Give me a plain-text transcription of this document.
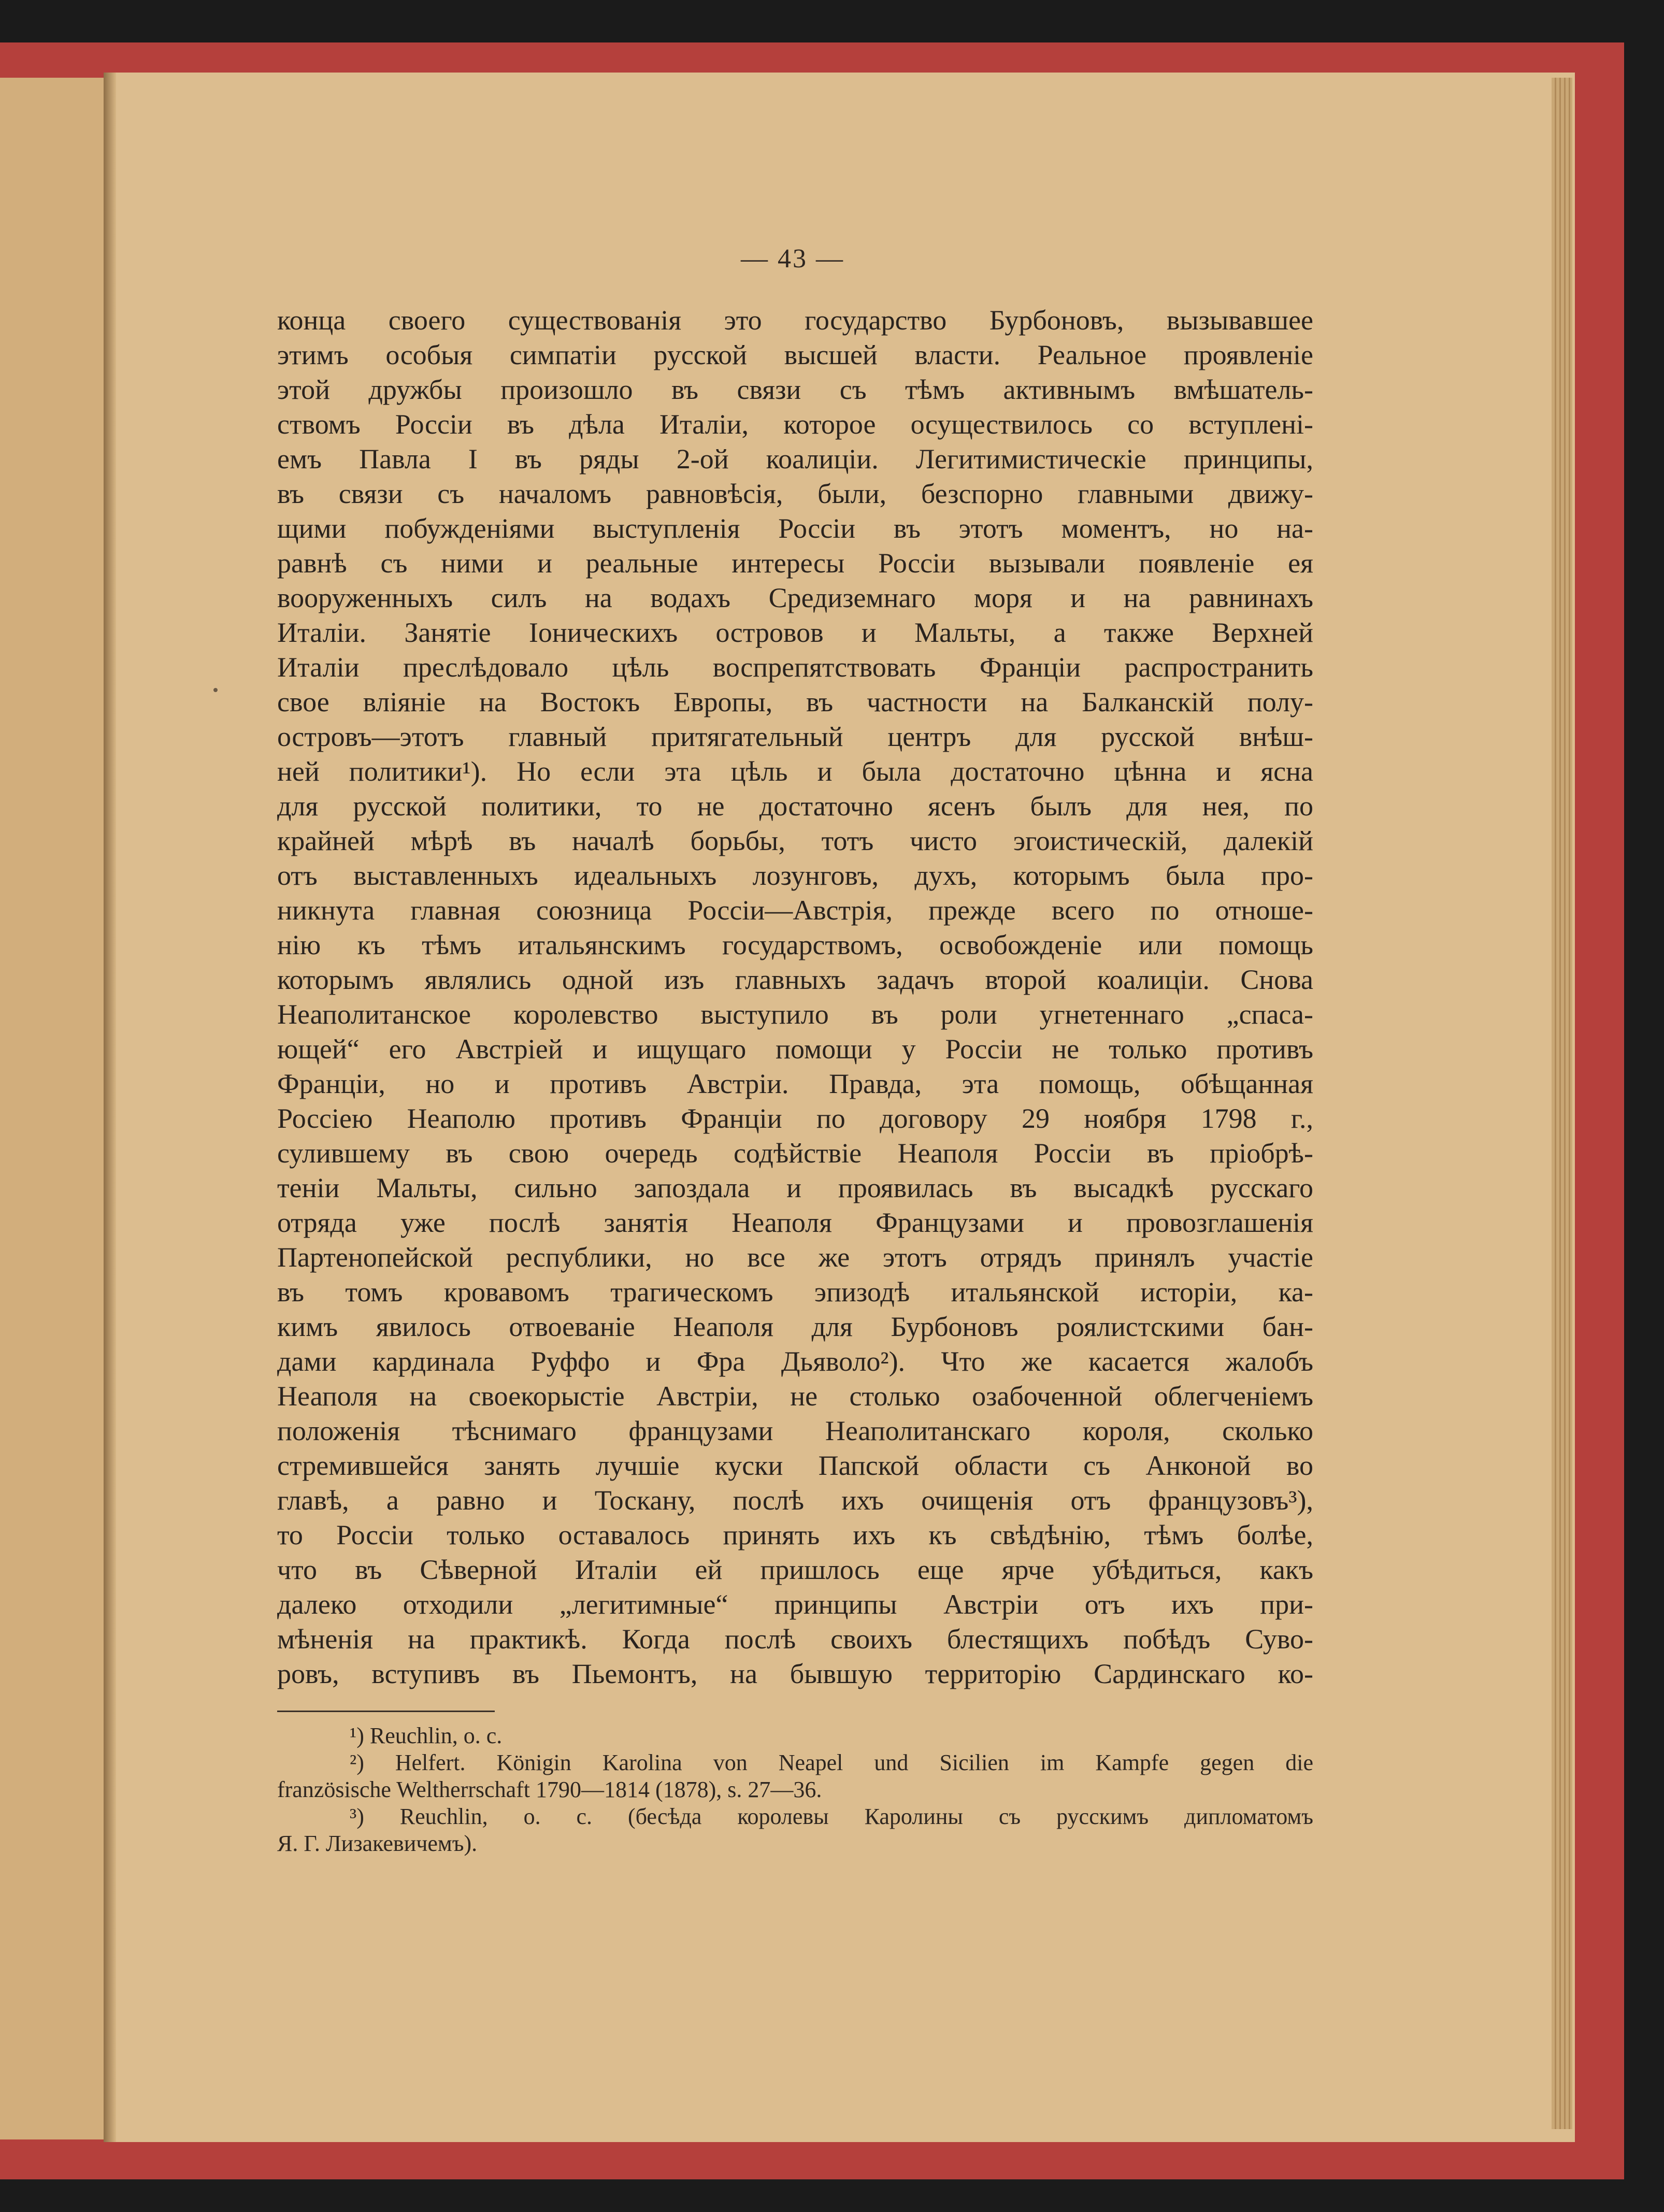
— 43 —
конца своего существованія это государство Бурбоновъ, вызывавшее
этимъ особыя симпатіи русской высшей власти. Реальное проявленіе
этой дружбы произошло въ связи съ тѣмъ активнымъ вмѣшатель-
ствомъ Россіи въ дѣла Италіи, которое осуществилось со вступлені-
емъ Павла I въ ряды 2-ой коалиціи. Легитимистическіе принципы,
въ связи съ началомъ равновѣсія, были, безспорно главными движу-
щими побужденіями выступленія Россіи въ этотъ моментъ, но на-
равнѣ съ ними и реальные интересы Россіи вызывали появленіе ея
вооруженныхъ силъ на водахъ Средиземнаго моря и на равнинахъ
Италіи. Занятіе Іоническихъ островов и Мальты, а также Верхней
Италіи преслѣдовало цѣль воспрепятствовать Франціи распространить
свое вліяніе на Востокъ Европы, въ частности на Балканскій полу-
островъ—этотъ главный притягательный центръ для русской внѣш-
ней политики¹). Но если эта цѣль и была достаточно цѣнна и ясна
для русской политики, то не достаточно ясенъ былъ для нея, по
крайней мѣрѣ въ началѣ борьбы, тотъ чисто эгоистическій, далекій
отъ выставленныхъ идеальныхъ лозунговъ, духъ, которымъ была про-
никнута главная союзница Россіи—Австрія, прежде всего по отноше-
нію къ тѣмъ итальянскимъ государствомъ, освобожденіе или помощь
которымъ являлись одной изъ главныхъ задачъ второй коалиціи. Снова
Неаполитанское королевство выступило въ роли угнетеннаго „спаса-
ющей“ его Австріей и ищущаго помощи у Россіи не только противъ
Франціи, но и противъ Австріи. Правда, эта помощь, обѣщанная
Россіею Неаполю противъ Франціи по договору 29 ноября 1798 г.,
сулившему въ свою очередь содѣйствіе Неаполя Россіи въ пріобрѣ-
теніи Мальты, сильно запоздала и проявилась въ высадкѣ русскаго
отряда уже послѣ занятія Неаполя Французами и провозглашенія
Партенопейской республики, но все же этотъ отрядъ принялъ участіе
въ томъ кровавомъ трагическомъ эпизодѣ итальянской исторіи, ка-
кимъ явилось отвоеваніе Неаполя для Бурбоновъ роялистскими бан-
дами кардинала Руффо и Фра Дьяволо²). Что же касается жалобъ
Неаполя на своекорыстіе Австріи, не столько озабоченной облегченіемъ
положенія тѣснимаго французами Неаполитанскаго короля, сколько
стремившейся занять лучшіе куски Папской области съ Анконой во
главѣ, а равно и Тоскану, послѣ ихъ очищенія отъ французовъ³),
то Россіи только оставалось принять ихъ къ свѣдѣнію, тѣмъ болѣе,
что въ Сѣверной Италіи ей пришлось еще ярче убѣдиться, какъ
далеко отходили „легитимные“ принципы Австріи отъ ихъ при-
мѣненія на практикѣ. Когда послѣ своихъ блестящихъ побѣдъ Суво-
ровъ, вступивъ въ Пьемонтъ, на бывшую территорію Сардинскаго ко-
¹) Reuchlin, o. c.
²) Helfert. Königin Karolina von Neapel und Sicilien im Kampfe gegen die
französische Weltherrschaft 1790—1814 (1878), s. 27—36.
³) Reuchlin, o. c. (бесѣда королевы Каролины съ русскимъ дипломатомъ
Я. Г. Лизакевичемъ).
